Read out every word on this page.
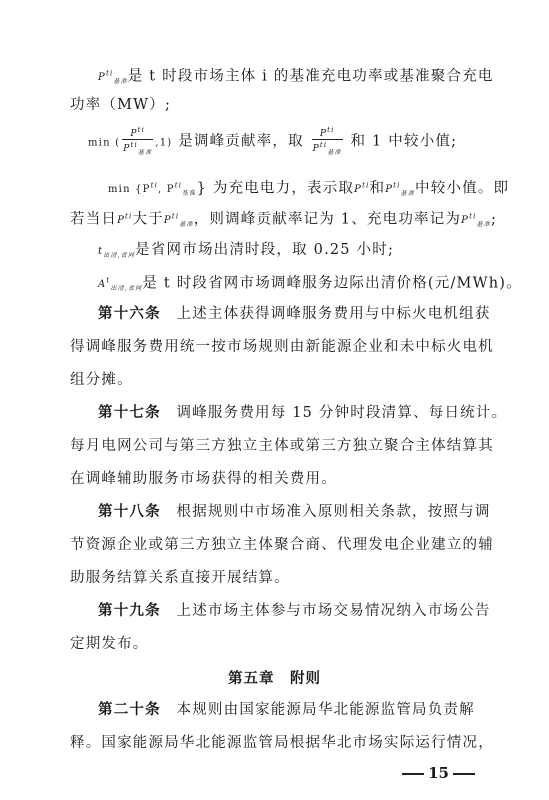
$P^{ti}_{基准}$是 t 时段市场主体 i 的基准充电功率或基准聚合充电
功率（MW）;
min ( $\frac{P^{ti}}{P^{ti}_{基准}} ,1$) 是调峰贡献率，取 $\frac{P^{ti}}{P^{ti}_{基准}}$ 和 1 中较小值;
$\min \{P^{ti}$, $P^{ti}_{基准}$} 为充电电力，表示取$P^{ti}$和$P^{ti}_{基准}$中较小值。即
若当日$P^{ti}$大于$P^{ti}_{基准}$，则调峰贡献率记为 1、充电功率记为$P^{ti}_{基准}$;
$t_{出清,省网}$是省网市场出清时段，取 0.25 小时;
$A^t_{出清,省网}$是 t 时段省网市场调峰服务边际出清价格(元/MWh)。
第十六条　 上述主体获得调峰服务费用与中标火电机组获
得调峰服务费用统一按市场规则由新能源企业和未中标火电机
组分摊。
第十七条　 调峰服务费用每 15 分钟时段清算、每日统计。
每月电网公司与第三方独立主体或第三方独立聚合主体结算其
在调峰辅助服务市场获得的相关费用。
第十八条　 根据规则中市场准入原则相关条款，按照与调
节资源企业或第三方独立主体聚合商、代理发电企业建立的辅
助服务结算关系直接开展结算。
第十九条　 上述市场主体参与市场交易情况纳入市场公告
定期发布。
第五章　附则
第二十条　 本规则由国家能源局华北能源监管局负责解
释。国家能源局华北能源监管局根据华北市场实际运行情况，
15
